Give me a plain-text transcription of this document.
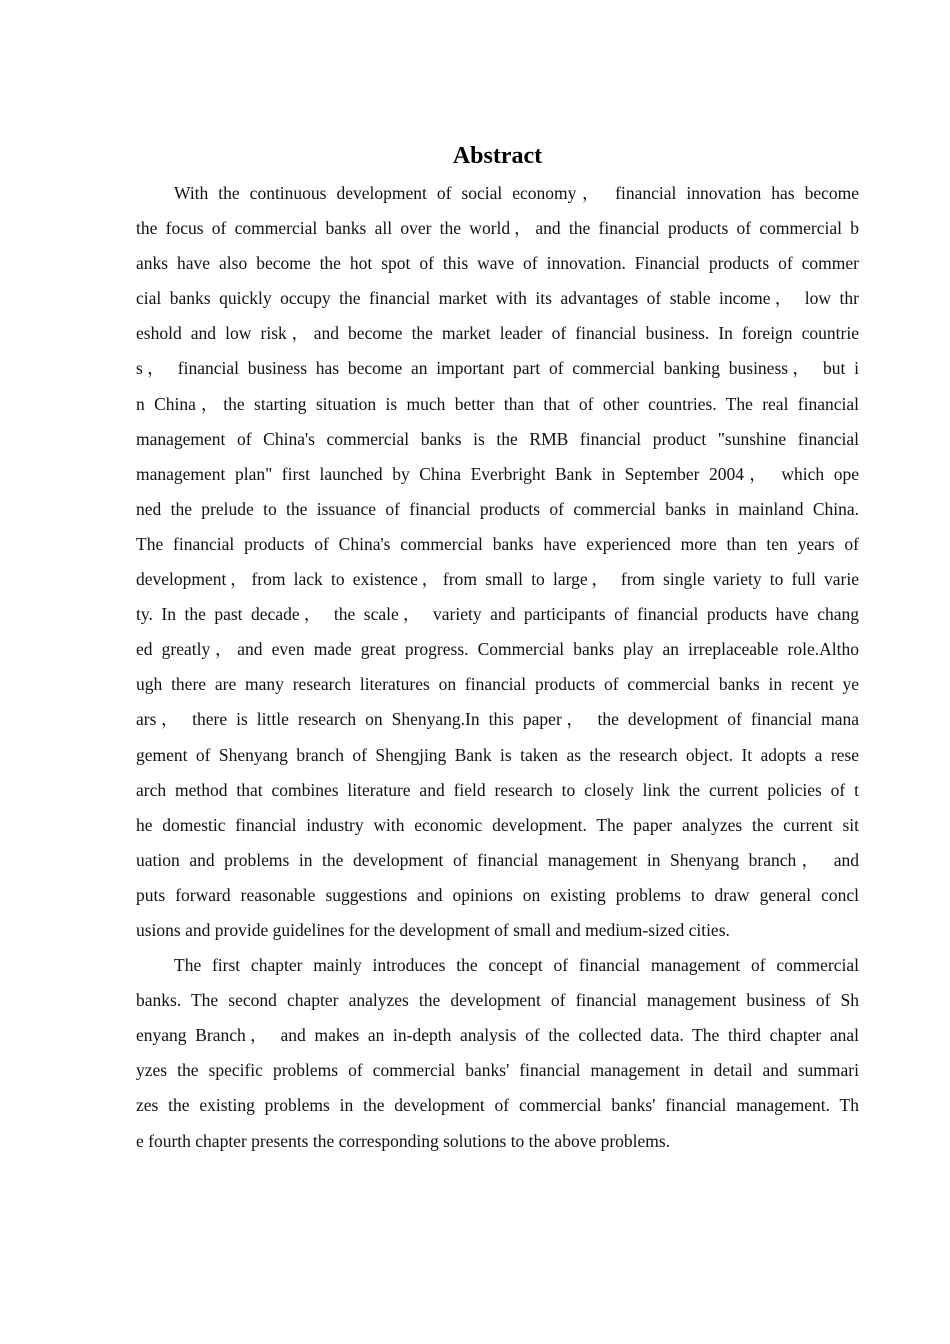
Abstract
With the continuous development of social economy， financial innovation has become
the focus of commercial banks all over the world，and the financial products of commercial b
anks have also become the hot spot of this wave of innovation. Financial products of commer
cial banks quickly occupy the financial market with its advantages of stable income， low thr
eshold and low risk，and become the market leader of financial business. In foreign countrie
s， financial business has become an important part of commercial banking business， but i
n China，the starting situation is much better than that of other countries. The real financial
management of China's commercial banks is the RMB financial product "sunshine financial
management plan" first launched by China Everbright Bank in September 2004， which ope
ned the prelude to the issuance of financial products of commercial banks in mainland China.
The financial products of China's commercial banks have experienced more than ten years of
development，from lack to existence，from small to large， from single variety to full varie
ty. In the past decade， the scale， variety and participants of financial products have chang
ed greatly，and even made great progress. Commercial banks play an irreplaceable role.Altho
ugh there are many research literatures on financial products of commercial banks in recent ye
ars， there is little research on Shenyang.In this paper， the development of financial mana
gement of Shenyang branch of Shengjing Bank is taken as the research object. It adopts a rese
arch method that combines literature and field research to closely link the current policies of t
he domestic financial industry with economic development. The paper analyzes the current sit
uation and problems in the development of financial management in Shenyang branch， and
puts forward reasonable suggestions and opinions on existing problems to draw general concl
usions and provide guidelines for the development of small and medium-sized cities.
The first chapter mainly introduces the concept of financial management of commercial
banks. The second chapter analyzes the development of financial management business of Sh
enyang Branch， and makes an in-depth analysis of the collected data. The third chapter anal
yzes the specific problems of commercial banks' financial management in detail and summari
zes the existing problems in the development of commercial banks' financial management. Th
e fourth chapter presents the corresponding solutions to the above problems.
